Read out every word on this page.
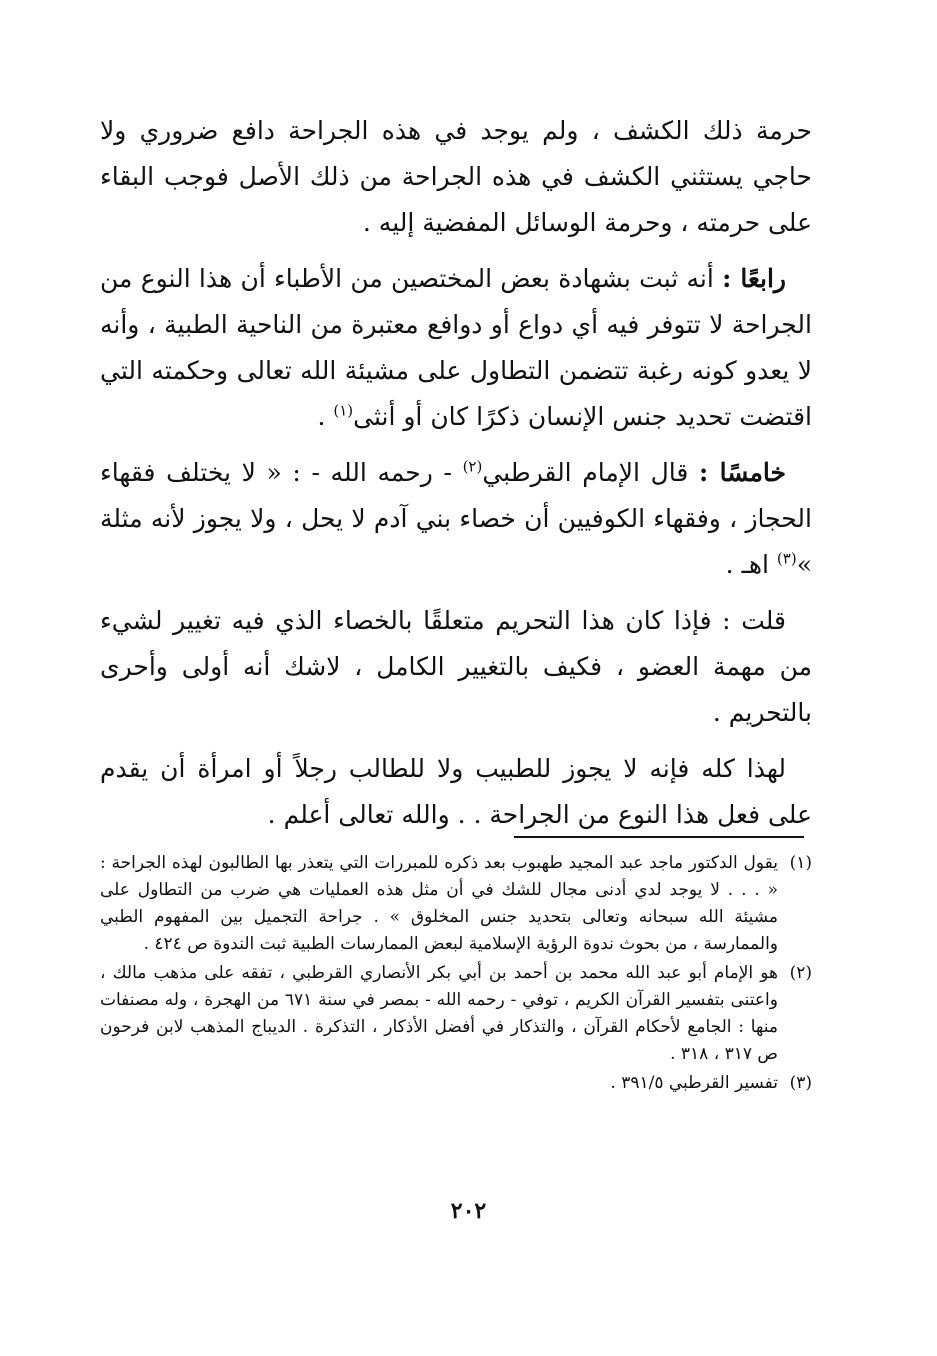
حرمة ذلك الكشف ، ولم يوجد في هذه الجراحة دافع ضروري ولا حاجي يستثني الكشف في هذه الجراحة من ذلك الأصل فوجب البقاء على حرمته ، وحرمة الوسائل المفضية إليه .

رابعًا : أنه ثبت بشهادة بعض المختصين من الأطباء أن هذا النوع من الجراحة لا تتوفر فيه أي دواع أو دوافع معتبرة من الناحية الطبية ، وأنه لا يعدو كونه رغبة تتضمن التطاول على مشيئة الله تعالى وحكمته التي اقتضت تحديد جنس الإنسان ذكرًا كان أو أنثى$^{(١)}$ .

خامسًا : قال الإمام القرطبي$^{(٢)}$ - رحمه الله - : « لا يختلف فقهاء الحجاز ، وفقهاء الكوفيين أن خصاء بني آدم لا يحل ، ولا يجوز لأنه مثلة »$^{(٣)}$ اهـ .

قلت : فإذا كان هذا التحريم متعلقًا بالخصاء الذي فيه تغيير لشيء من مهمة العضو ، فكيف بالتغيير الكامل ، لاشك أنه أولى وأحرى بالتحريم .

لهذا كله فإنه لا يجوز للطبيب ولا للطالب رجلاً أو امرأة أن يقدم على فعل هذا النوع من الجراحة . . والله تعالى أعلم .

(١)يقول الدكتور ماجد عبد المجيد طهبوب بعد ذكره للمبررات التي يتعذر بها الطالبون لهذه الجراحة : « . . . لا يوجد لدي أدنى مجال للشك في أن مثل هذه العمليات هي ضرب من التطاول على مشيئة الله سبحانه وتعالى بتحديد جنس المخلوق » . جراحة التجميل بين المفهوم الطبي والممارسة ، من بحوث ندوة الرؤية الإسلامية لبعض الممارسات الطبية ثبت الندوة ص ٤٢٤ .

(٢)هو الإمام أبو عبد الله محمد بن أحمد بن أبي بكر الأنصاري القرطبي ، تفقه على مذهب مالك ، واعتنى بتفسير القرآن الكريم ، توفي - رحمه الله - بمصر في سنة ٦٧١ من الهجرة ، وله مصنفات منها : الجامع لأحكام القرآن ، والتذكار في أفضل الأذكار ، التذكرة . الديباج المذهب لابن فرحون ص ٣١٧ ، ٣١٨ .

(٣)تفسير القرطبي ٣٩١/٥ .

٢٠٢
